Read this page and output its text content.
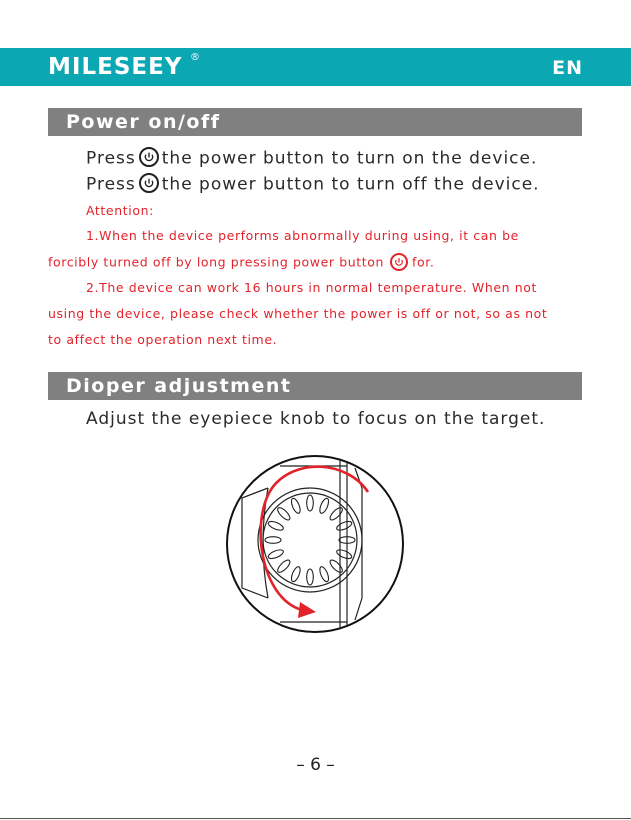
MILESEEY ®	EN
Power on/off
Press the power button to turn on the device.
Press the power button to turn off the device.
Attention:
1.When the device performs abnormally during using, it can be
forcibly turned off by long pressing power button for.
2.The device can work 16 hours in normal temperature. When not
using the device, please check whether the power is off or not, so as not
to affect the operation next time.
Dioper adjustment
Adjust the eyepiece knob to focus on the target.
– 6 –
